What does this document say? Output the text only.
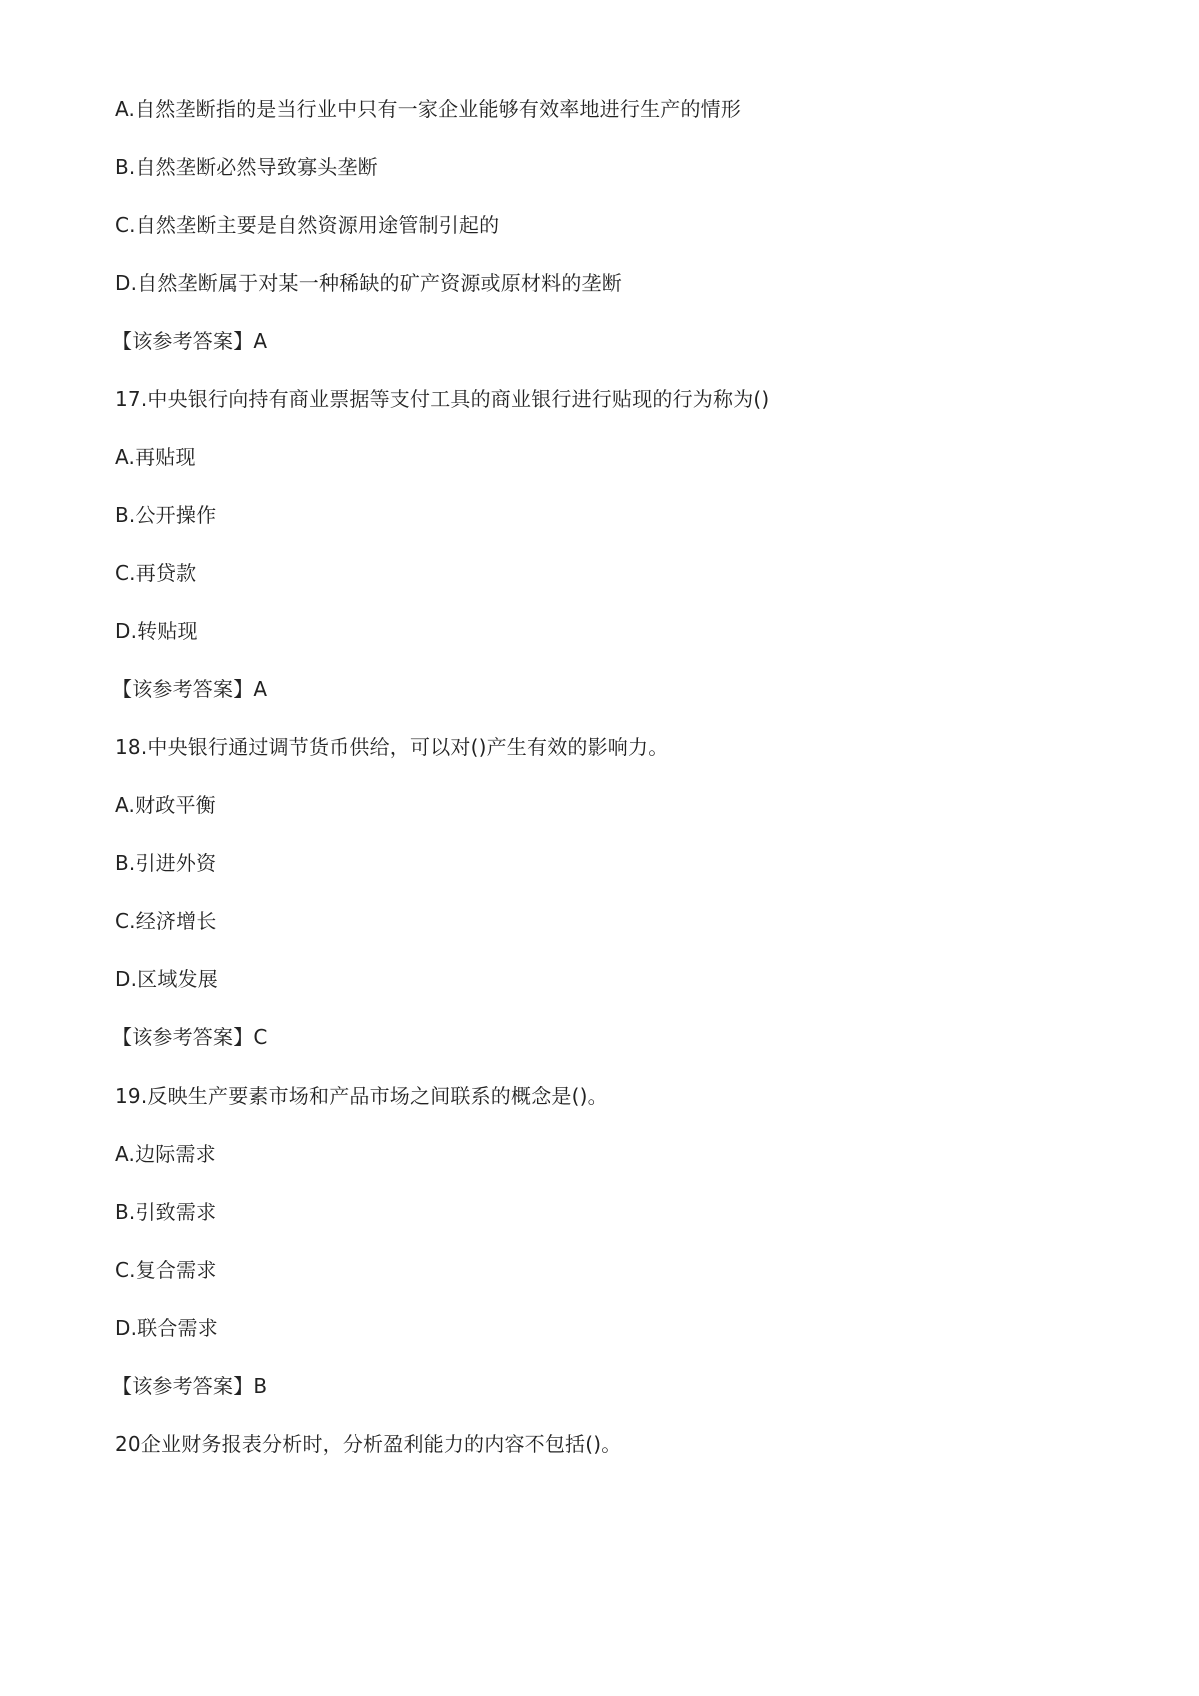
A.自然垄断指的是当行业中只有一家企业能够有效率地进行生产的情形
B.自然垄断必然导致寡头垄断
C.自然垄断主要是自然资源用途管制引起的
D.自然垄断属于对某一种稀缺的矿产资源或原材料的垄断
【该参考答案】A
17.中央银行向持有商业票据等支付工具的商业银行进行贴现的行为称为()
A.再贴现
B.公开操作
C.再贷款
D.转贴现
【该参考答案】A
18.中央银行通过调节货币供给，可以对()产生有效的影响力。
A.财政平衡
B.引进外资
C.经济增长
D.区域发展
【该参考答案】C
19.反映生产要素市场和产品市场之间联系的概念是()。
A.边际需求
B.引致需求
C.复合需求
D.联合需求
【该参考答案】B
20企业财务报表分析时，分析盈利能力的内容不包括()。
